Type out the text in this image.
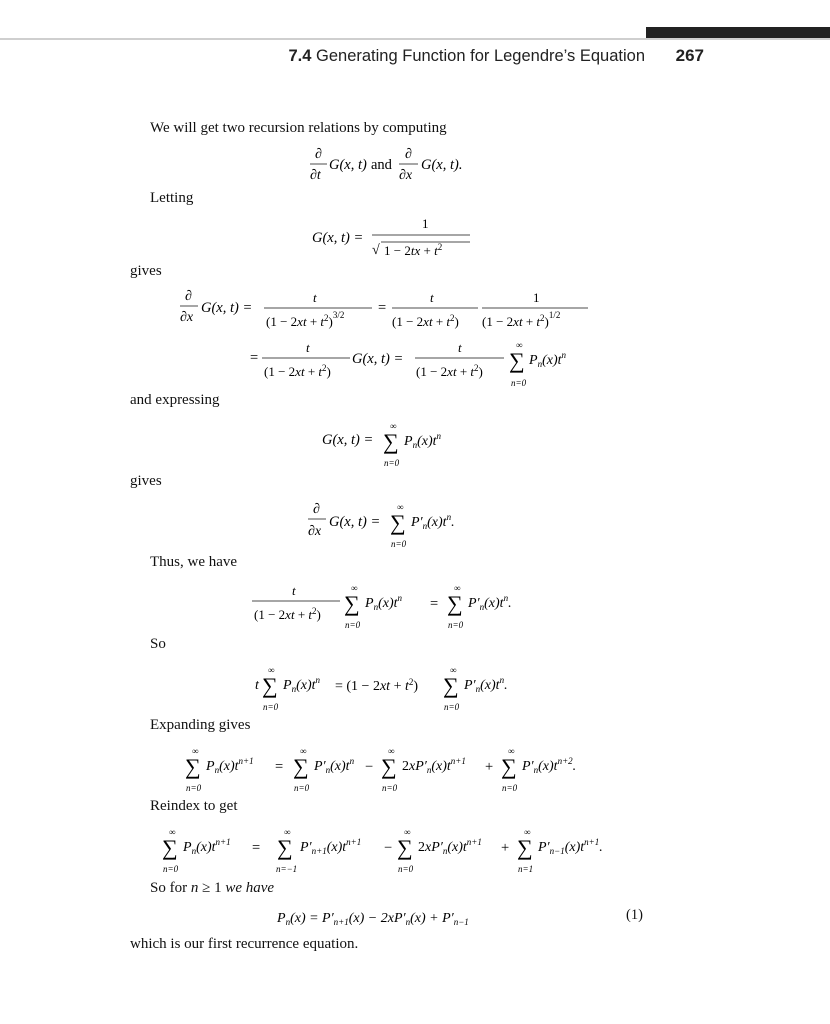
7.4 Generating Function for Legendre’s Equation 267
We will get two recursion relations by computing
∂
∂t
G(x, t) and
∂
∂x
G(x, t).
Letting
G(x, t) =
1
√ $1 - 2tx + t^2$
gives
∂
∂x
G(x, t) =
t
$(1 - 2xt + t^2)^{3/2}$ =
t
$(1 - 2xt + t^2)$
1
$(1 - 2xt + t^2)^{1/2}$
=
t
$(1 - 2xt + t^2)$
G(x, t) =
t
$(1 - 2xt + t^2)$
∞
∑
n=0
$P_n(x)t^n$
and expressing
G(x, t) =
∞
∑
n=0
$P_n(x)t^n$
gives
∂
∂x
G(x, t) =
∞
∑
n=0
$P'_n(x)t^n$.
Thus, we have
t
$(1 - 2xt + t^2)$
∞
∑
n=0
$P_n(x)t^n$ =
∞
∑
n=0
$P'_n(x)t^n$.
So
t
∞
∑
n=0
$P_n(x)t^n = (1 - 2xt + t^2)$
∞
∑
n=0
$P'_n(x)t^n$.
Expanding gives
∞
∑
n=0
$P_n(x)t^{n+1}$ =
∞
∑
n=0
$P'_n(x)t^n$ −
∞
∑
n=0
$2xP'_n(x)t^{n+1}$ +
∞
∑
n=0
$P'_n(x)t^{n+2}$.
Reindex to get
∞
∑
n=0
$P_n(x)t^{n+1}$ =
∞
∑
n=−1
$P'_{n+1}(x)t^{n+1}$ −
∞
∑
n=0
$2xP'_n(x)t^{n+1}$ +
∞
∑
n=1
$P'_{n-1}(x)t^{n+1}$.
So for n ≥ 1 we have
$P_n(x) = P'_{n+1}(x) - 2xP'_n(x) + P'_{n-1}$	(1)
which is our first recurrence equation.
